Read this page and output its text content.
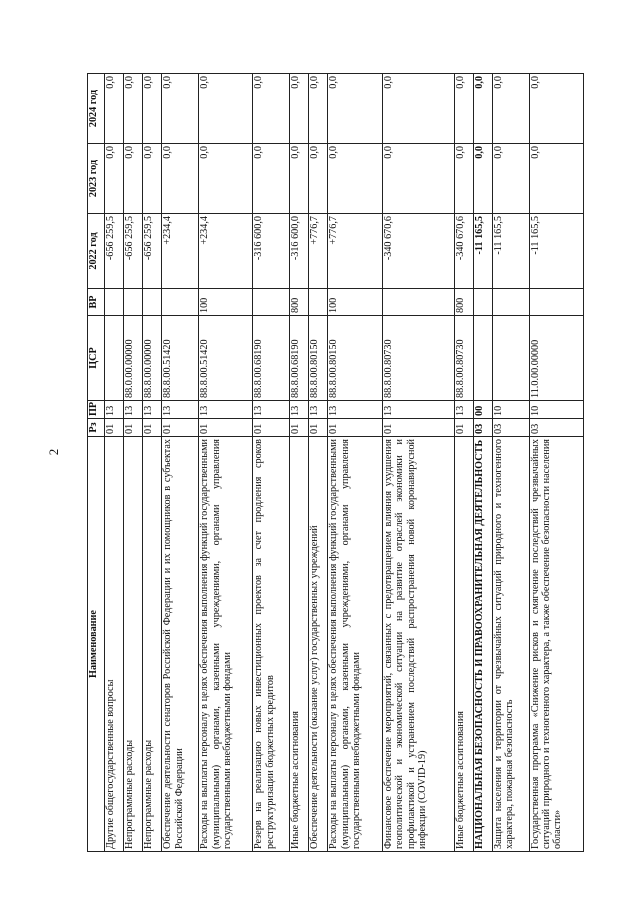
2
Наименование	Рз	ПР	ЦСР	ВР	2022 год	2023 год	2024 год
Другие общегосударственные вопросы	01	13			-656 259,5	0,0	0,0
Непрограммные расходы	01	13	88.0.00.00000		-656 259,5	0,0	0,0
Непрограммные расходы	01	13	88.8.00.00000		-656 259,5	0,0	0,0
Обеспечение деятельности сенаторов Российской Федерации и их помощников в субъектах Российской Федерации	01	13	88.8.00.51420		+234,4	0,0	0,0
Расходы на выплаты персоналу в целях обеспечения выполнения функций государственными (муниципальными) органами, казенными учреждениями, органами управления государственными внебюджетными фондами	01	13	88.8.00.51420	100	+234,4	0,0	0,0
Резерв на реализацию новых инвестиционных проектов за счет продления сроков реструктуризации бюджетных кредитов	01	13	88.8.00.68190		-316 600,0	0,0	0,0
Иные бюджетные ассигнования	01	13	88.8.00.68190	800	-316 600,0	0,0	0,0
Обеспечение деятельности (оказание услуг) государственных учреждений	01	13	88.8.00.80150		+776,7	0,0	0,0
Расходы на выплаты персоналу в целях обеспечения выполнения функций государственными (муниципальными) органами, казенными учреждениями, органами управления государственными внебюджетными фондами	01	13	88.8.00.80150	100	+776,7	0,0	0,0
Финансовое обеспечение мероприятий, связанных с предотвращением влияния ухудшения геополитической и экономической ситуации на развитие отраслей экономики и профилактикой и устранением последствий распространения новой коронавирусной инфекции (COVID-19)	01	13	88.8.00.80730		-340 670,6	0,0	0,0
Иные бюджетные ассигнования	01	13	88.8.00.80730	800	-340 670,6	0,0	0,0
НАЦИОНАЛЬНАЯ БЕЗОПАСНОСТЬ И ПРАВООХРАНИТЕЛЬНАЯ ДЕЯТЕЛЬНОСТЬ	03	00			-11 165,5	0,0	0,0
Защита населения и территории от чрезвычайных ситуаций природного и техногенного характера, пожарная безопасность	03	10			-11 165,5	0,0	0,0
Государственная программа «Снижение рисков и смягчение последствий чрезвычайных ситуаций природного и техногенного характера, а также обеспечение безопасности населения области»	03	10	11.0.00.00000		-11 165,5	0,0	0,0
